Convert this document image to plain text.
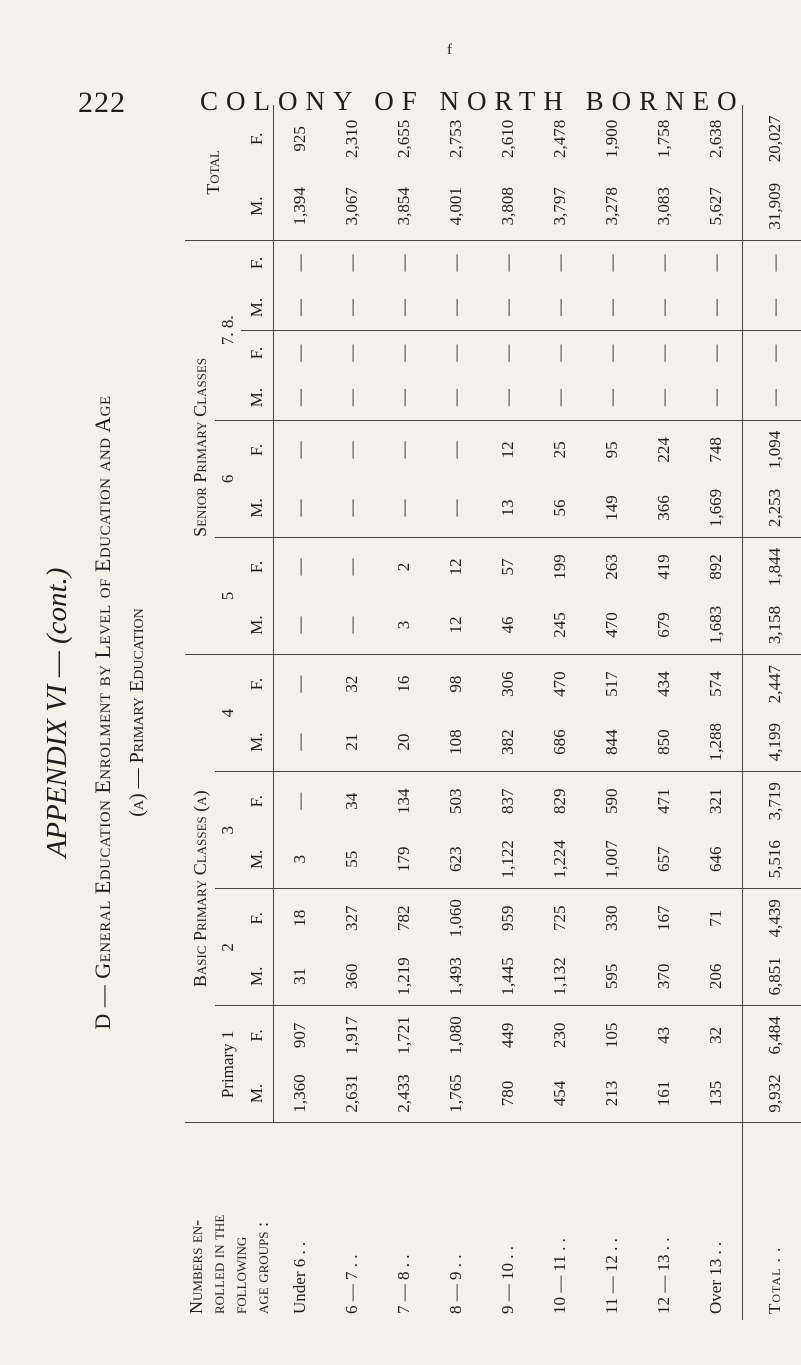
222	COLONY OF NORTH BORNEO
f
APPENDIX VI — (cont.) D — General Education Enrolment by Level of Education and Age (a) — Primary Education
Numbers en- rolled in the following age groups :	Basic Primary Classes (a)								Senior Primary Classes								Total	
	Primary 1		2		3		4		5		6		7. 8.					
	M.	F.	M.	F.	M.	F.	M.	F.	M.	F.	M.	F.	M.	F.	M.	F.	M.	F.
Under 6 . .	1,360	907	31	18	3	—	—	—	—	—	—	—	—	—	—	—	1,394	925
6 — 7 . .	2,631	1,917	360	327	55	34	21	32	—	—	—	—	—	—	—	—	3,067	2,310
7 — 8 . .	2,433	1,721	1,219	782	179	134	20	16	3	2	—	—	—	—	—	—	3,854	2,655
8 — 9 . .	1,765	1,080	1,493	1,060	623	503	108	98	12	12	—	—	—	—	—	—	4,001	2,753
9 — 10 . .	780	449	1,445	959	1,122	837	382	306	46	57	13	12	—	—	—	—	3,808	2,610
10 — 11 . .	454	230	1,132	725	1,224	829	686	470	245	199	56	25	—	—	—	—	3,797	2,478
11 — 12 . .	213	105	595	330	1,007	590	844	517	470	263	149	95	—	—	—	—	3,278	1,900
12 — 13 . .	161	43	370	167	657	471	850	434	679	419	366	224	—	—	—	—	3,083	1,758
Over 13 . .	135	32	206	71	646	321	1,288	574	1,683	892	1,669	748	—	—	—	—	5,627	2,638
Total . .	9,932	6,484	6,851	4,439	5,516	3,719	4,199	2,447	3,158	1,844	2,253	1,094	—	—	—	—	31,909	20,027
